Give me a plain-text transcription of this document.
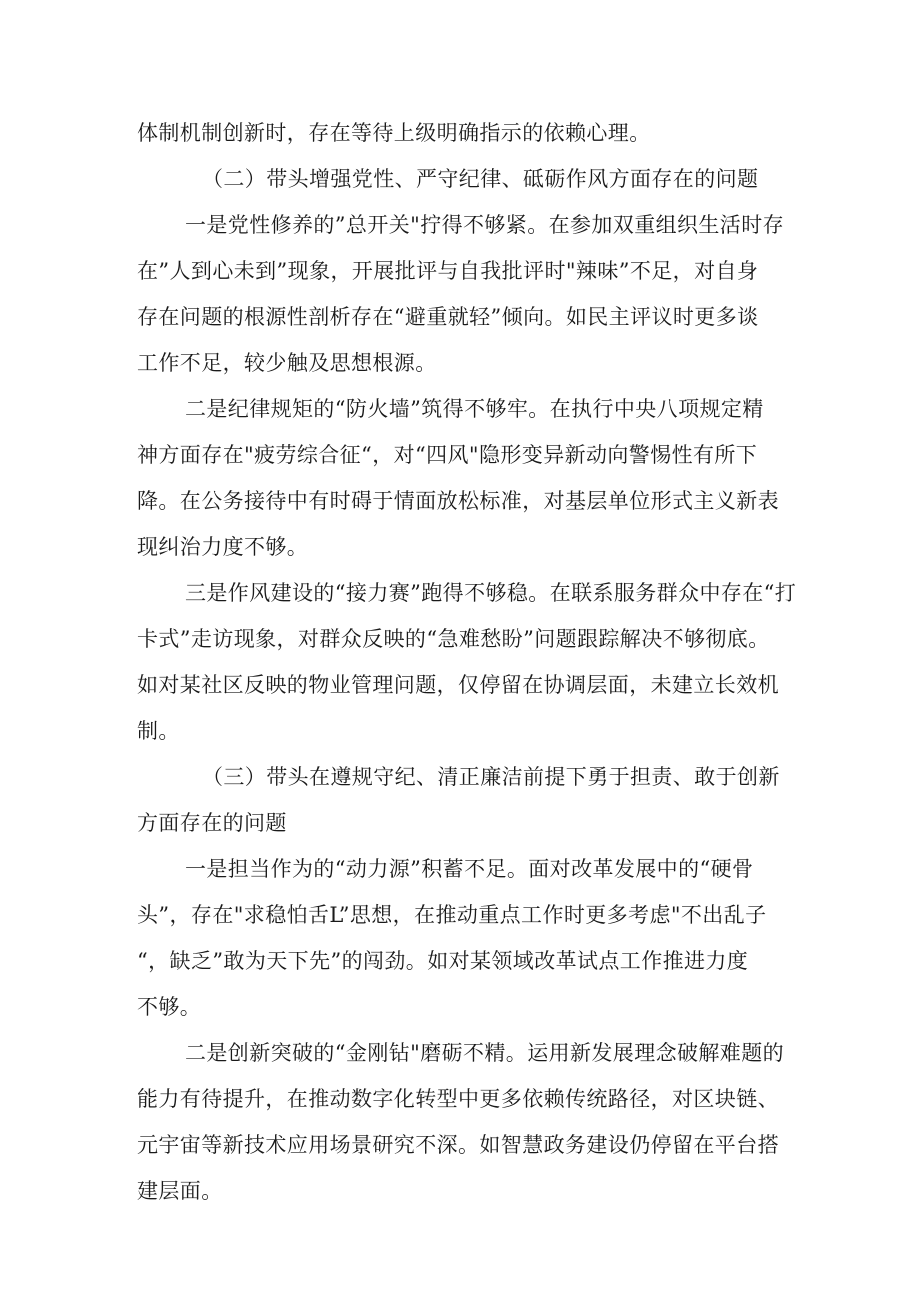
体制机制创新时，存在等待上级明确指示的依赖心理。

（二）带头增强党性、严守纪律、砥砺作风方面存在的问题

一是党性修养的”总开关"拧得不够紧。在参加双重组织生活时存

在”人到心未到”现象，开展批评与自我批评时"辣味”不足，对自身

存在问题的根源性剖析存在“避重就轻”倾向。如民主评议时更多谈

工作不足，较少触及思想根源。

二是纪律规矩的“防火墙”筑得不够牢。在执行中央八项规定精

神方面存在"疲劳综合征“，对“四风"隐形变异新动向警惕性有所下

降。在公务接待中有时碍于情面放松标准，对基层单位形式主义新表

现纠治力度不够。

三是作风建设的“接力赛”跑得不够稳。在联系服务群众中存在“打

卡式”走访现象，对群众反映的“急难愁盼”问题跟踪解决不够彻底。

如对某社区反映的物业管理问题，仅停留在协调层面，未建立长效机

制。

（三）带头在遵规守纪、清正廉洁前提下勇于担责、敢于创新

方面存在的问题

一是担当作为的“动力源”积蓄不足。面对改革发展中的“硬骨

头”，存在"求稳怕舌L”思想，在推动重点工作时更多考虑"不出乱子

“，缺乏”敢为天下先”的闯劲。如对某领域改革试点工作推进力度

不够。

二是创新突破的“金刚钻"磨砺不精。运用新发展理念破解难题的

能力有待提升，在推动数字化转型中更多依赖传统路径，对区块链、

元宇宙等新技术应用场景研究不深。如智慧政务建设仍停留在平台搭

建层面。
